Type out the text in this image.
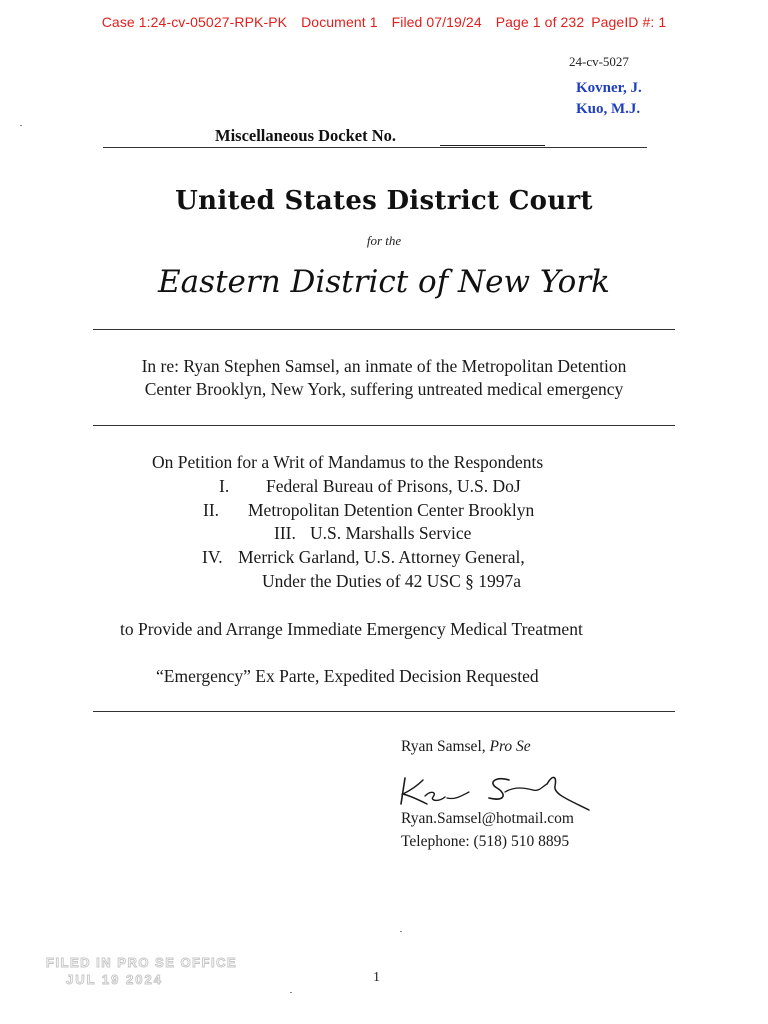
Case 1:24-cv-05027-RPK-PK Document 1 Filed 07/19/24 Page 1 of 232 PageID #: 1
24-cv-5027
Kovner, J.
Kuo, M.J.
Miscellaneous Docket No.
United States District Court
for the
Eastern District of New York
In re: Ryan Stephen Samsel, an inmate of the Metropolitan Detention
Center Brooklyn, New York, suffering untreated medical emergency
On Petition for a Writ of Mandamus to the Respondents
I. Federal Bureau of Prisons, U.S. DoJ
II. Metropolitan Detention Center Brooklyn
III. U.S. Marshalls Service
IV. Merrick Garland, U.S. Attorney General,
Under the Duties of 42 USC § 1997a
to Provide and Arrange Immediate Emergency Medical Treatment
“Emergency” Ex Parte, Expedited Decision Requested
Ryan Samsel, Pro Se
Ryan.Samsel@hotmail.com
Telephone: (518) 510 8895
1
FILED IN PRO SE OFFICE
JUL 19 2024
